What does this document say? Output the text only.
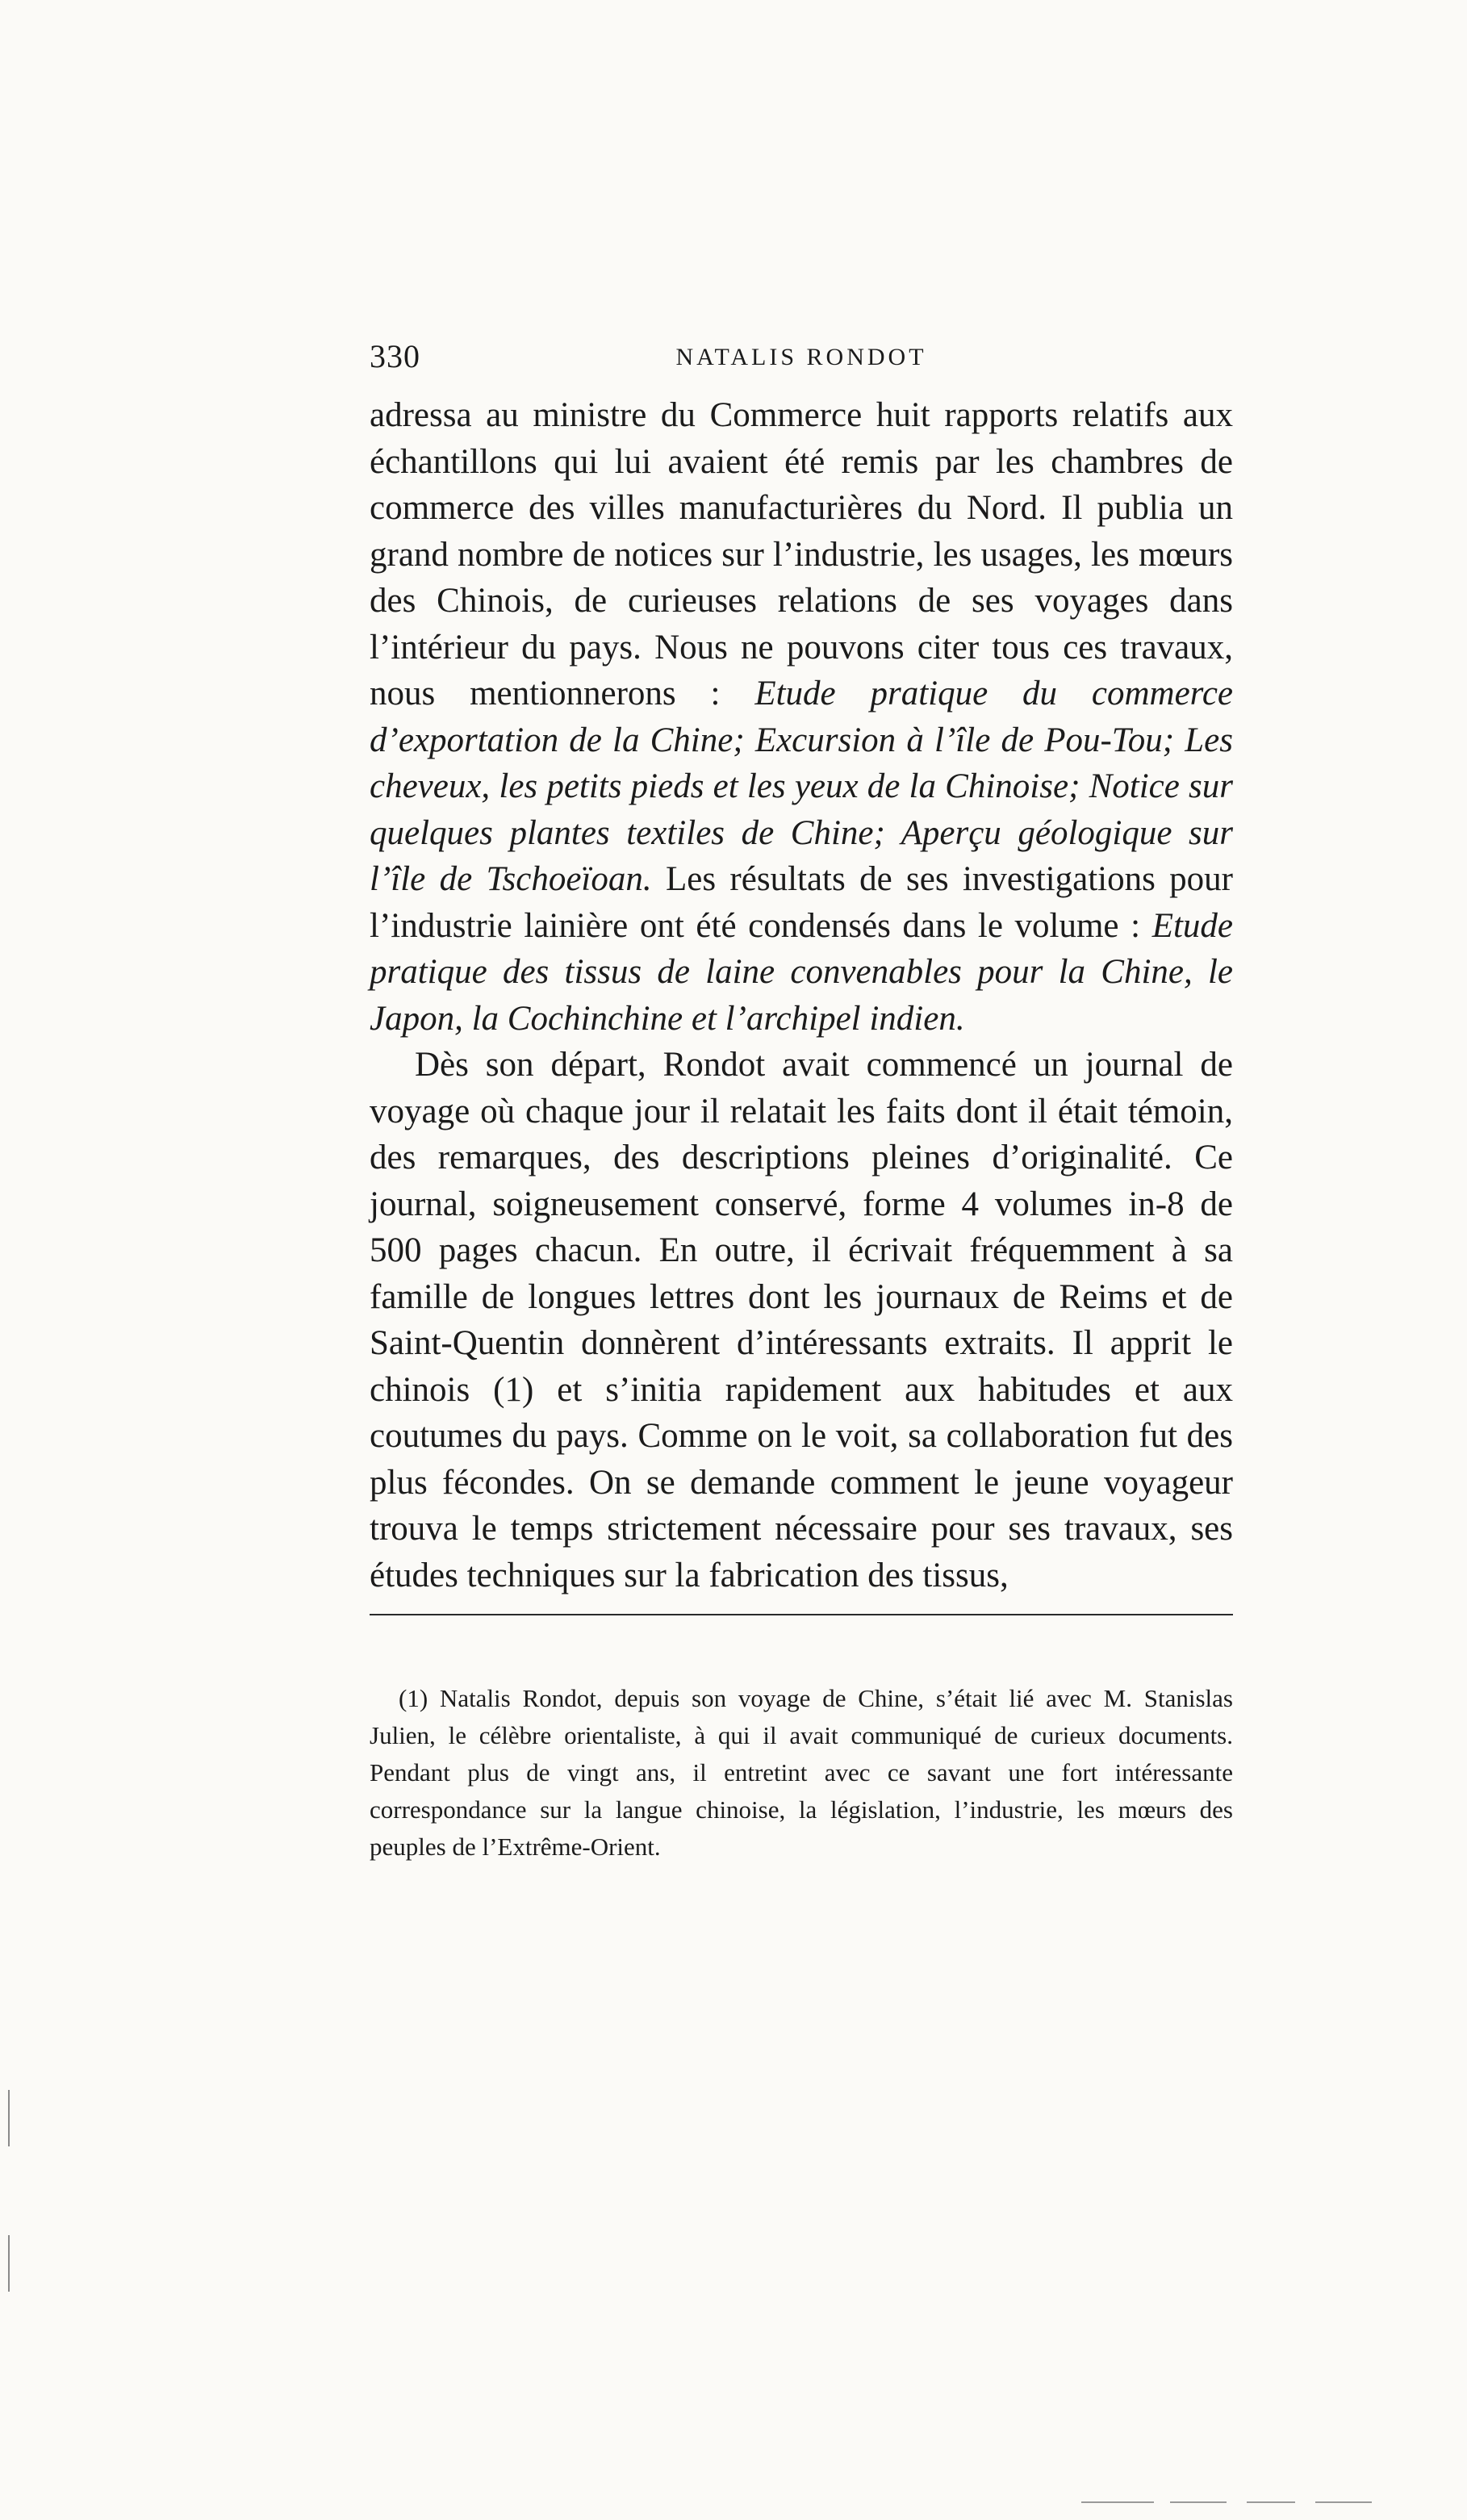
330	NATALIS RONDOT

adressa au ministre du Commerce huit rapports relatifs aux échantillons qui lui avaient été remis par les chambres de commerce des villes manufacturières du Nord. Il publia un grand nombre de notices sur l’industrie, les usages, les mœurs des Chinois, de curieuses relations de ses voyages dans l’intérieur du pays. Nous ne pouvons citer tous ces travaux, nous mentionnerons : Etude pratique du commerce d’exportation de la Chine; Excursion à l’île de Pou-Tou; Les cheveux, les petits pieds et les yeux de la Chinoise; Notice sur quelques plantes textiles de Chine; Aperçu géologique sur l’île de Tschoeïoan. Les résultats de ses investigations pour l’industrie lainière ont été condensés dans le volume : Etude pratique des tissus de laine convenables pour la Chine, le Japon, la Cochinchine et l’archipel indien.

Dès son départ, Rondot avait commencé un journal de voyage où chaque jour il relatait les faits dont il était témoin, des remarques, des descriptions pleines d’originalité. Ce journal, soigneusement conservé, forme 4 volumes in-8 de 500 pages chacun. En outre, il écrivait fréquemment à sa famille de longues lettres dont les journaux de Reims et de Saint-Quentin donnèrent d’intéressants extraits. Il apprit le chinois (1) et s’initia rapidement aux habitudes et aux coutumes du pays. Comme on le voit, sa collaboration fut des plus fécondes. On se demande comment le jeune voyageur trouva le temps strictement nécessaire pour ses travaux, ses études techniques sur la fabrication des tissus,

(1) Natalis Rondot, depuis son voyage de Chine, s’était lié avec M. Stanislas Julien, le célèbre orientaliste, à qui il avait communiqué de curieux documents. Pendant plus de vingt ans, il entretint avec ce savant une fort intéressante correspondance sur la langue chinoise, la législation, l’industrie, les mœurs des peuples de l’Extrême-Orient.
